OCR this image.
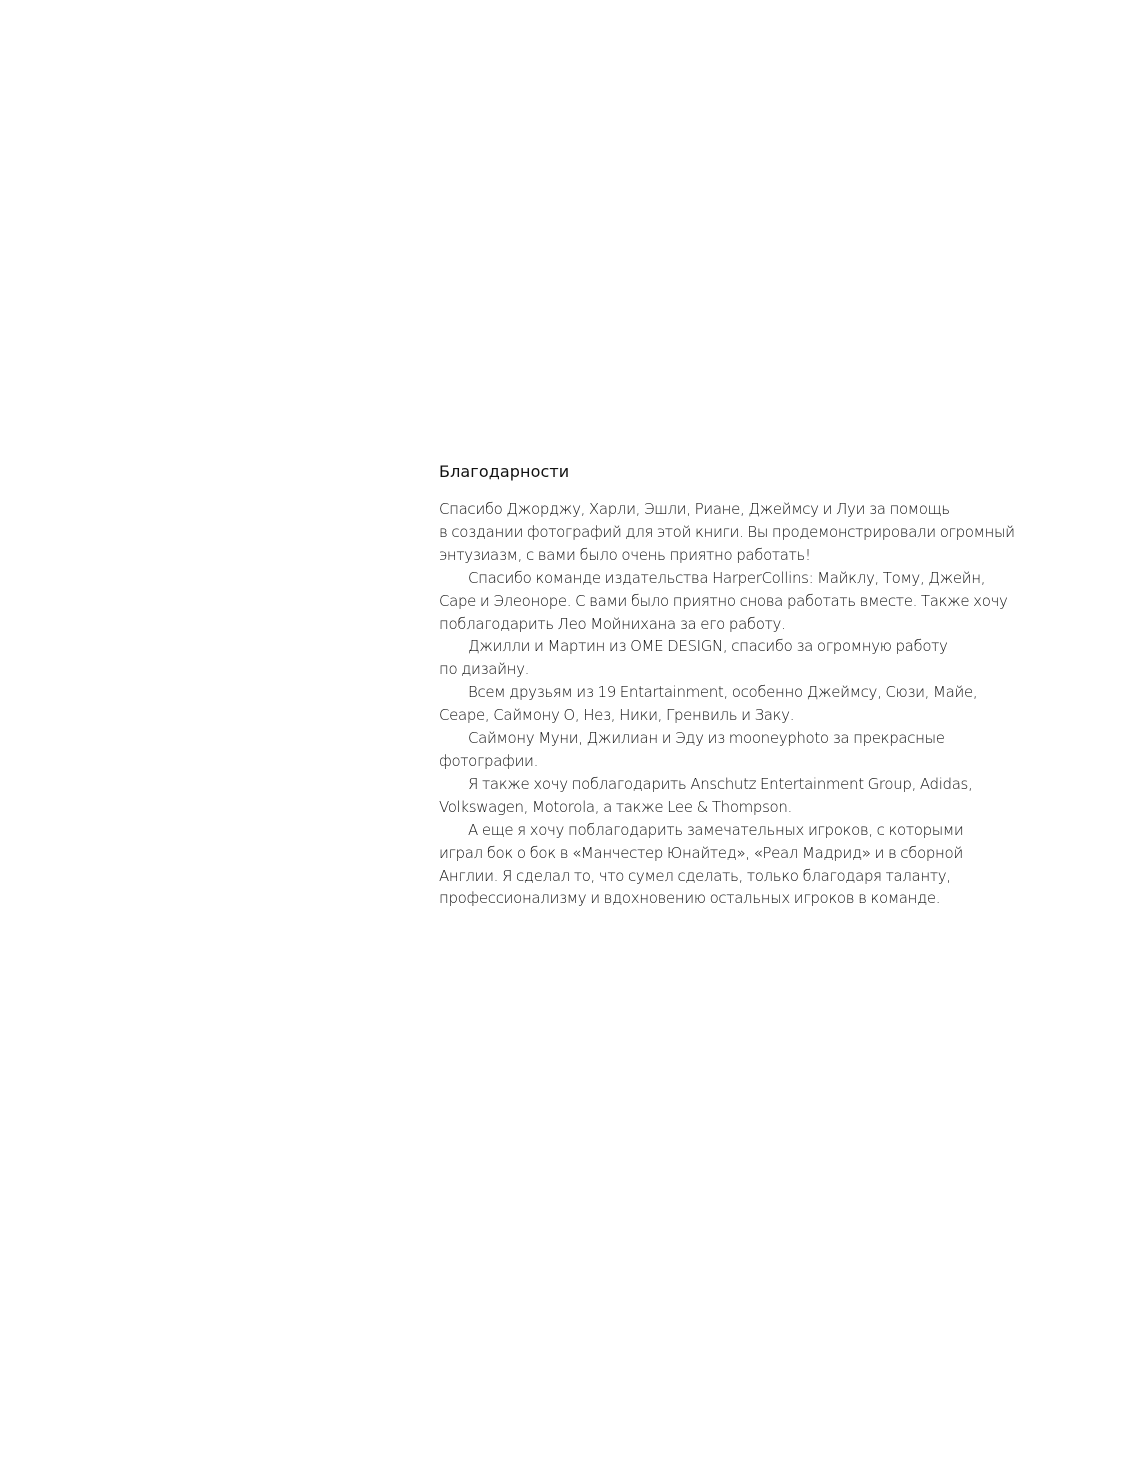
Благодарности

Спасибо Джорджу, Харли, Эшли, Риане, Джеймсу и Луи за помощь
в создании фотографий для этой книги. Вы продемонстрировали огромный
энтузиазм, с вами было очень приятно работать!

Спасибо команде издательства HarperCollins: Майклу, Тому, Джейн,
Саре и Элеоноре. С вами было приятно снова работать вместе. Также хочу
поблагодарить Лео Мойнихана за его работу.

Джилли и Мартин из OME DESIGN, спасибо за огромную работу
по дизайну.

Всем друзьям из 19 Entartainment, особенно Джеймсу, Сюзи, Майе,
Сеаре, Саймону О, Нез, Ники, Гренвиль и Заку.

Саймону Муни, Джилиан и Эду из mooneyphoto за прекрасные
фотографии.

Я также хочу поблагодарить Anschutz Entertainment Group, Adidas,
Volkswagen, Motorola, а также Lee & Thompson.

А еще я хочу поблагодарить замечательных игроков, с которыми
играл бок о бок в «Манчестер Юнайтед», «Реал Мадрид» и в сборной
Англии. Я сделал то, что сумел сделать, только благодаря таланту,
профессионализму и вдохновению остальных игроков в команде.
